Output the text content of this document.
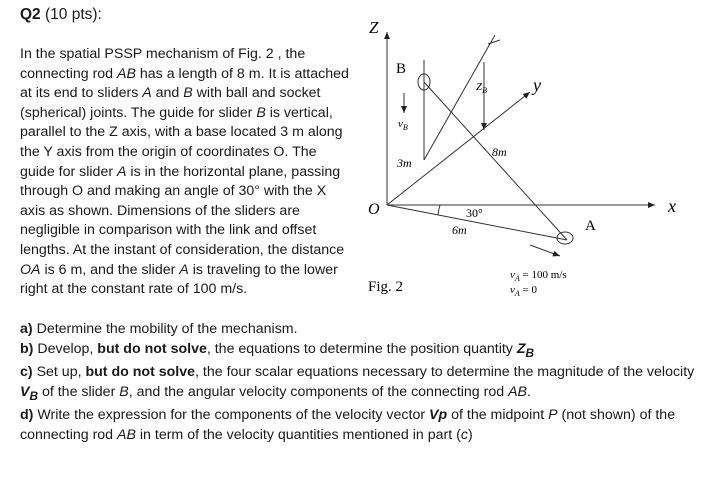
Q2 (10 pts):
In the spatial PSSP mechanism of Fig. 2 , the connecting rod AB has a length of 8 m. It is attached at its end to sliders A and B with ball and socket (spherical) joints. The guide for slider B is vertical, parallel to the Z axis, with a base located 3 m along the Y axis from the origin of coordinates O. The guide for slider A is in the horizontal plane, passing through O and making an angle of 30° with the X axis as shown. Dimensions of the sliders are negligible in comparison with the link and offset lengths. At the instant of consideration, the distance OA is 6 m, and the slider A is traveling to the lower right at the constant rate of 100 m/s.

a) Determine the mobility of the mechanism.

b) Develop, but do not solve, the equations to determine the position quantity $Z_B$

c) Set up, but do not solve, the four scalar equations necessary to determine the magnitude of the velocity $V_B$ of the slider B, and the angular velocity components of the connecting rod AB.

d) Write the expression for the components of the velocity vector Vp of the midpoint P (not shown) of the connecting rod AB in term of the velocity quantities mentioned in part (c)

Z
y
x
O
B
A
$v_B$
$Z_B$
3m
8m
6m
30°
$v_A = 100$ m/s
$v_A = 0$
Fig. 2
